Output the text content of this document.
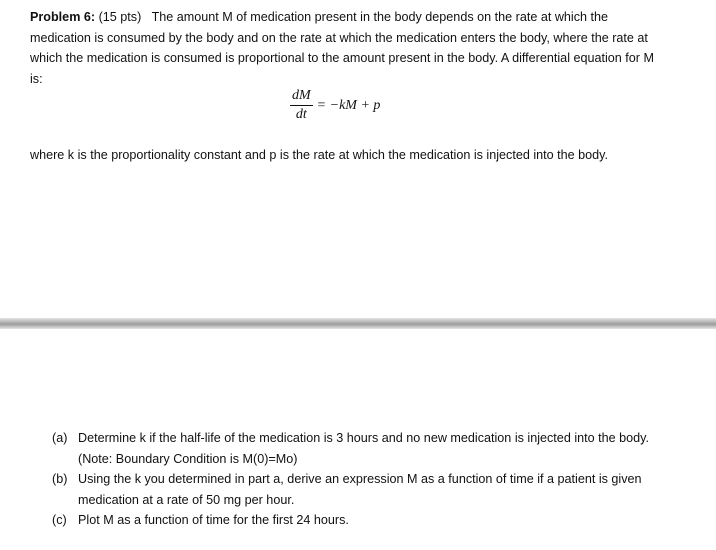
Problem 6: (15 pts) The amount M of medication present in the body depends on the rate at which the medication is consumed by the body and on the rate at which the medication enters the body, where the rate at which the medication is consumed is proportional to the amount present in the body. A differential equation for M is:
$\frac{dM}{dt} = -kM + p$
where k is the proportionality constant and p is the rate at which the medication is injected into the body.
(a) Determine k if the half-life of the medication is 3 hours and no new medication is injected into the body. (Note: Boundary Condition is M(0)=Mo)
(b) Using the k you determined in part a, derive an expression M as a function of time if a patient is given medication at a rate of 50 mg per hour.
(c) Plot M as a function of time for the first 24 hours.
